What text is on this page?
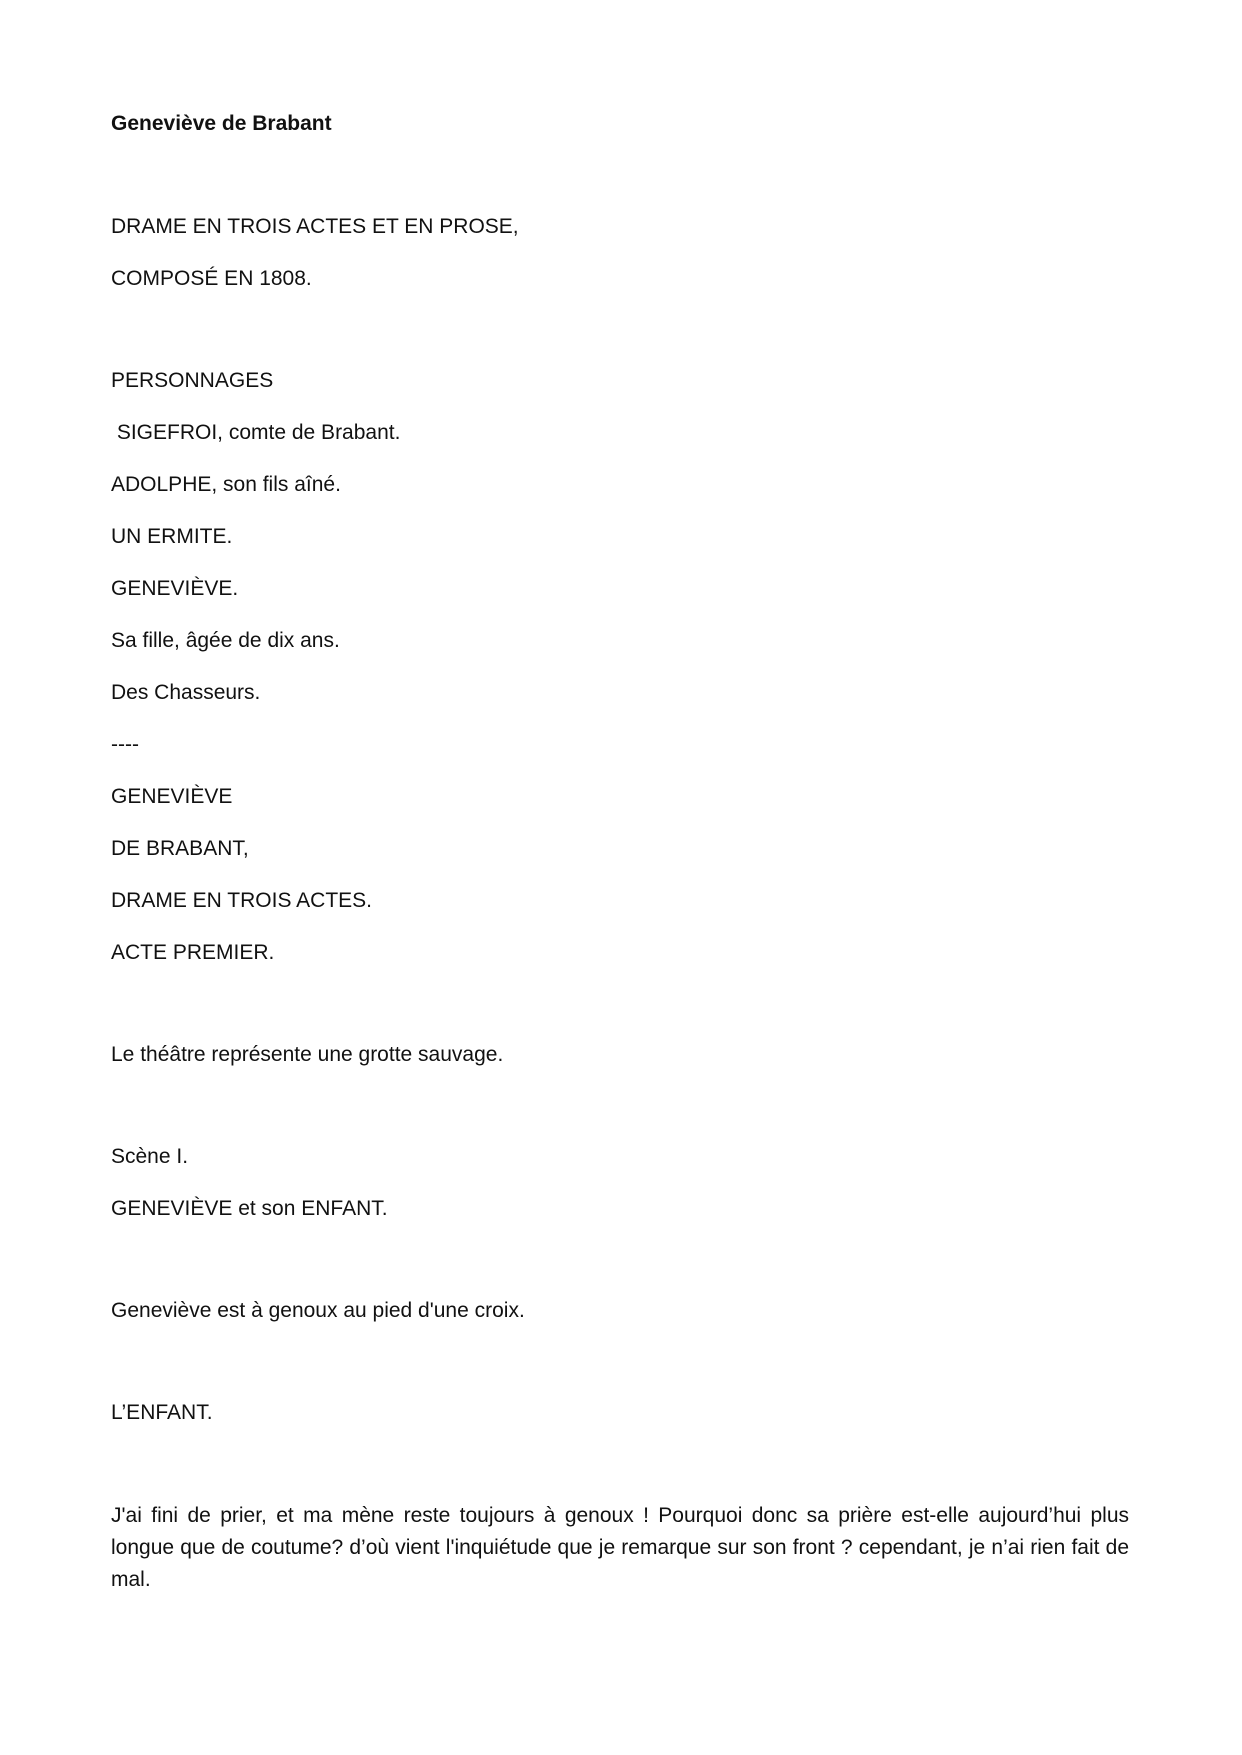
Geneviève de Brabant

DRAME EN TROIS ACTES ET EN PROSE,

COMPOSÉ EN 1808.

PERSONNAGES

SIGEFROI, comte de Brabant.

ADOLPHE, son fils aîné.

UN ERMITE.

GENEVIÈVE.

Sa fille, âgée de dix ans.

Des Chasseurs.

----

GENEVIÈVE

DE BRABANT,

DRAME EN TROIS ACTES.

ACTE PREMIER.

Le théâtre représente une grotte sauvage.

Scène I.

GENEVIÈVE et son ENFANT.

Geneviève est à genoux au pied d'une croix.

L’ENFANT.

J'ai fini de prier, et ma mène reste toujours à genoux ! Pourquoi donc sa prière est-elle aujourd’hui plus longue que de coutume? d’où vient l'inquiétude que je remarque sur son front ? cependant, je n’ai rien fait de mal.
